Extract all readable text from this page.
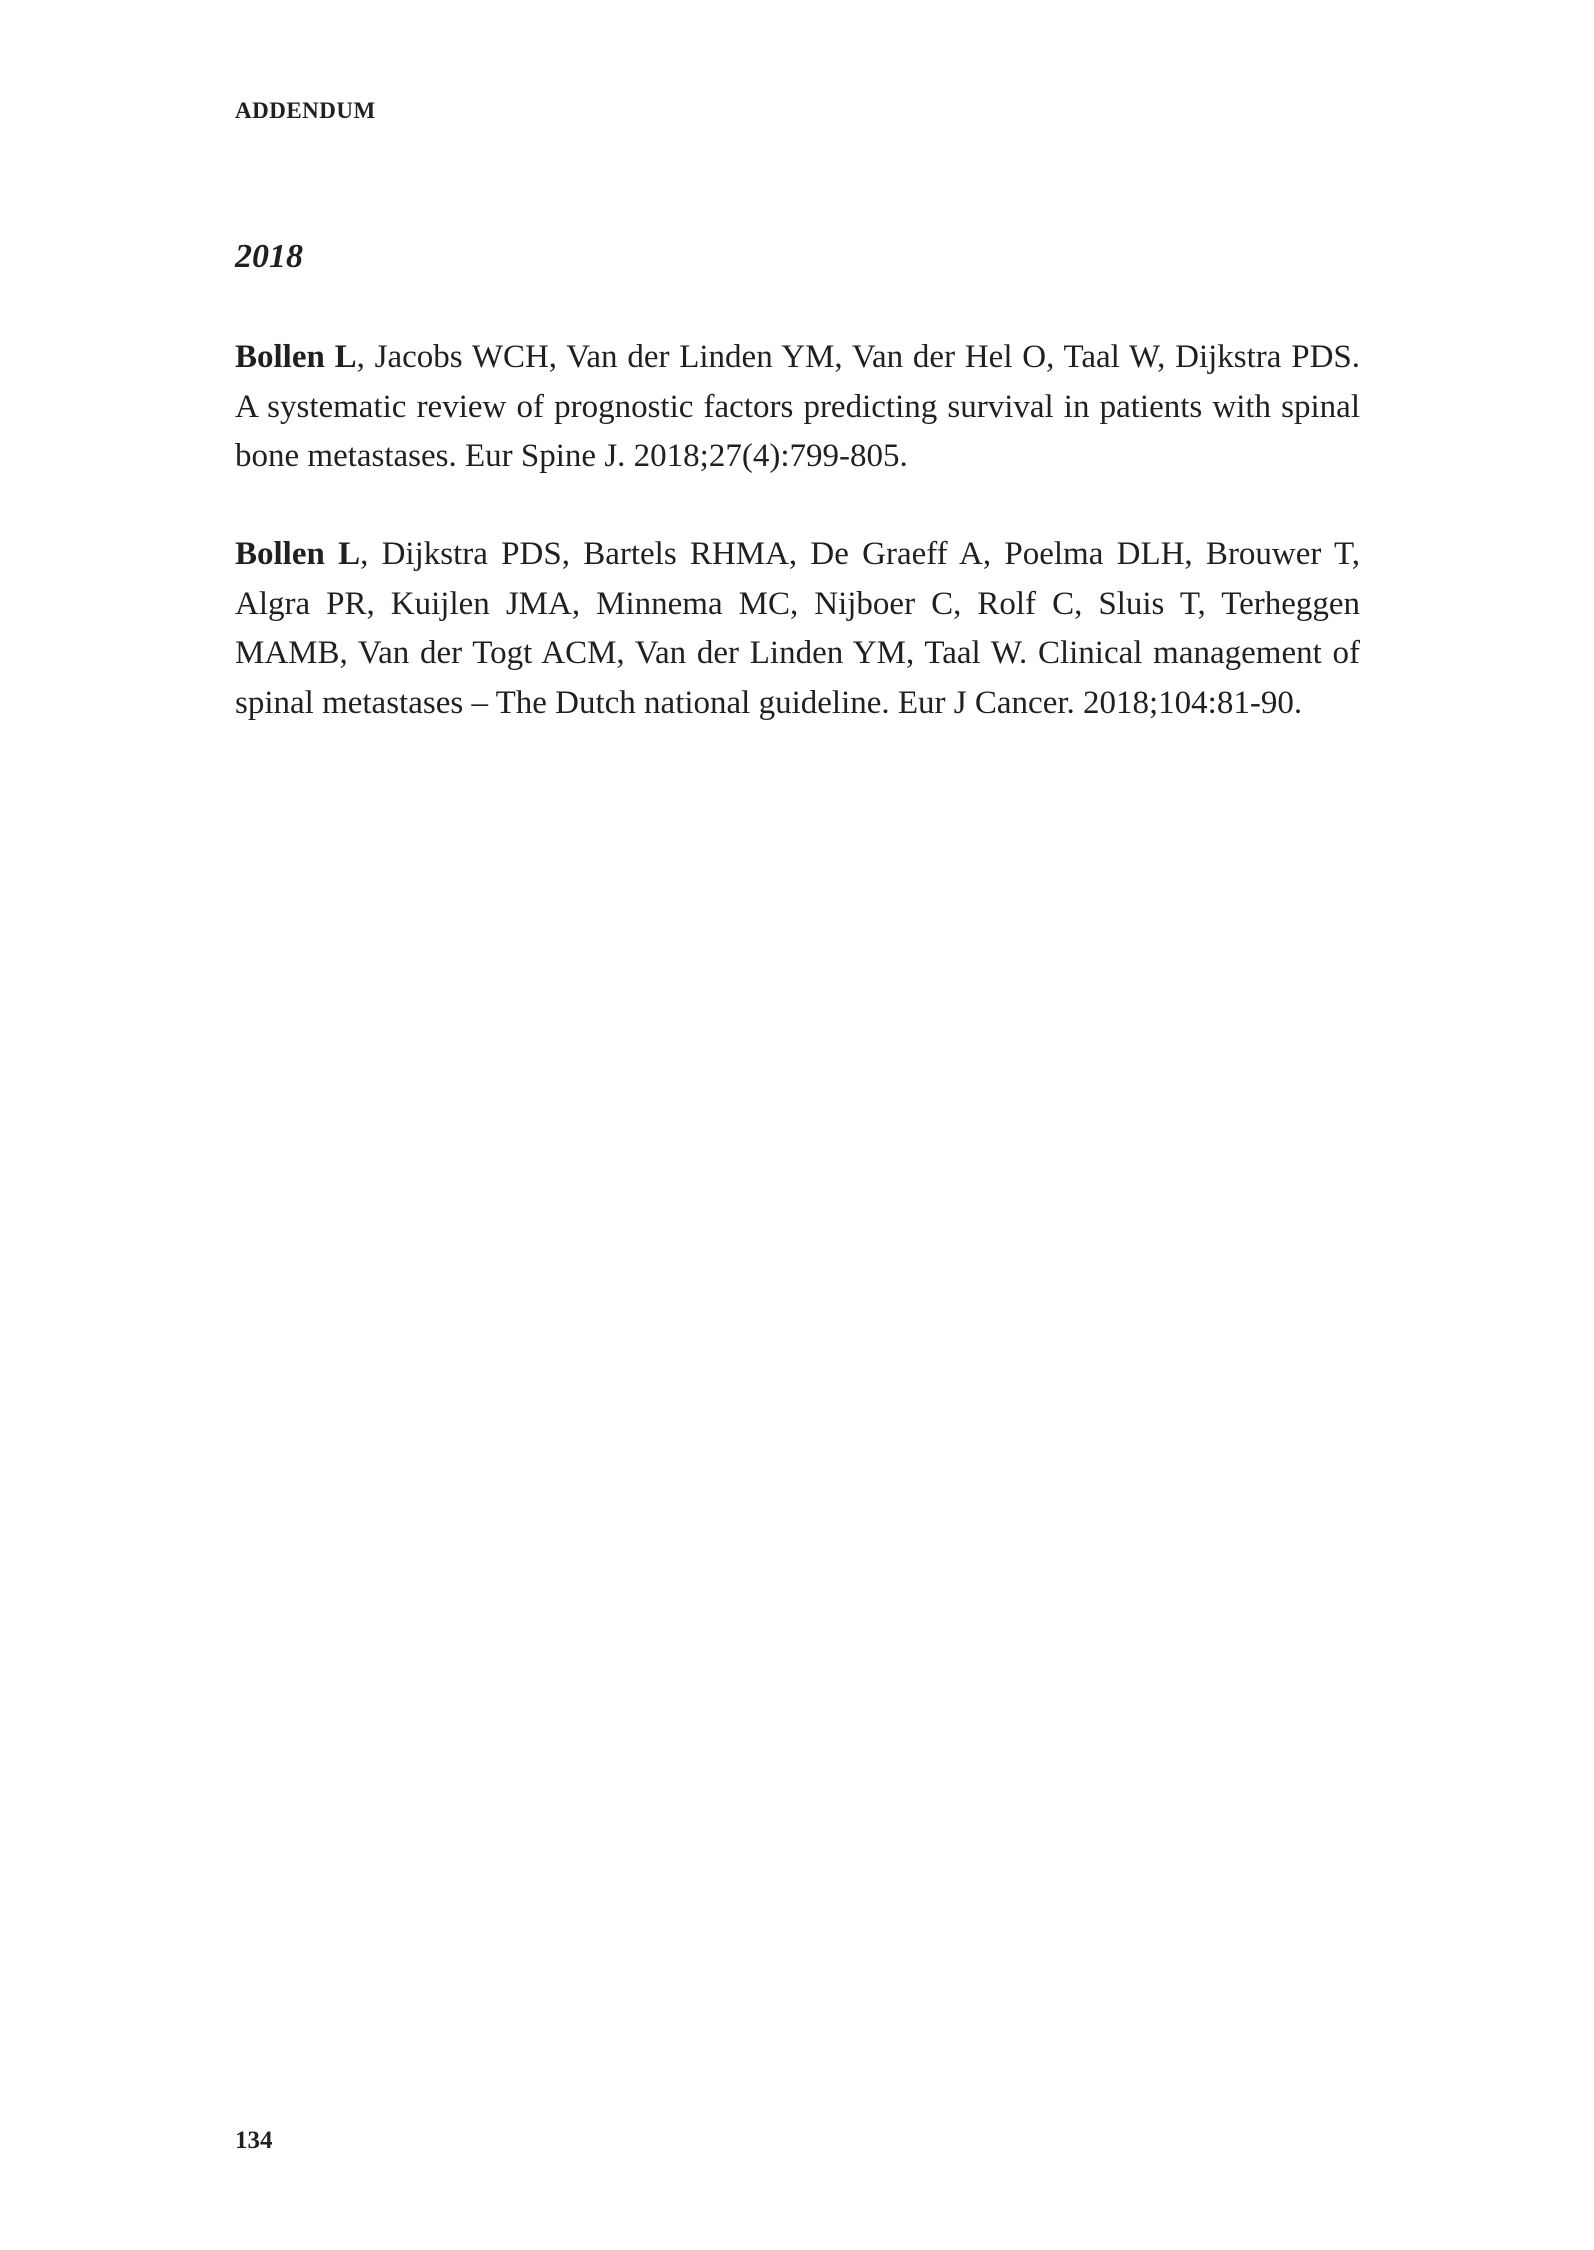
ADDENDUM
2018

Bollen L, Jacobs WCH, Van der Linden YM, Van der Hel O, Taal W, Dijkstra PDS. A systematic review of prognostic factors predicting survival in patients with spinal bone metastases. Eur Spine J. 2018;27(4):799-805.

Bollen L, Dijkstra PDS, Bartels RHMA, De Graeff A, Poelma DLH, Brouwer T, Algra PR, Kuijlen JMA, Minnema MC, Nijboer C, Rolf C, Sluis T, Terheggen MAMB, Van der Togt ACM, Van der Linden YM, Taal W. Clinical management of spinal metastases – The Dutch national guideline. Eur J Cancer. 2018;104:81-90.

134
